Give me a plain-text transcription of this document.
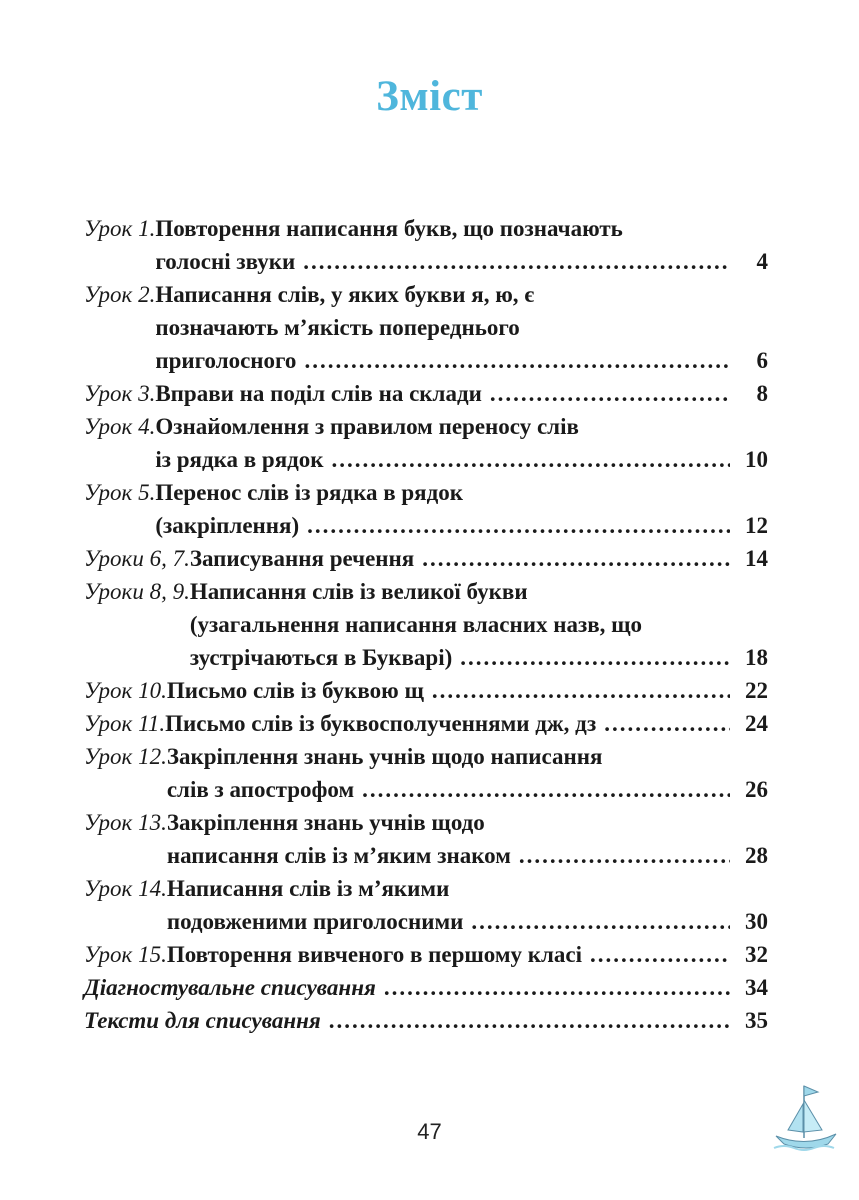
Зміст
Урок 1. Повторення написання букв, що позначають
голосні звуки .....	4
Урок 2. Написання слів, у яких букви я, ю, є
позначають м’якість попереднього
приголосного .....	6
Урок 3. Вправи на поділ слів на склади .....	8
Урок 4. Ознайомлення з правилом переносу слів
із рядка в рядок .....	10
Урок 5. Перенос слів із рядка в рядок
(закріплення) .....	12
Уроки 6, 7. Записування речення .....	14
Уроки 8, 9. Написання слів із великої букви
(узагальнення написання власних назв, що
зустрічаються в Букварі) .....	18
Урок 10. Письмо слів із буквою щ .....	22
Урок 11. Письмо слів із буквосполученнями дж, дз .....	24
Урок 12. Закріплення знань учнів щодо написання
слів з апострофом .....	26
Урок 13. Закріплення знань учнів щодо
написання слів із м’яким знаком .....	28
Урок 14. Написання слів із м’якими
подовженими приголосними .....	30
Урок 15. Повторення вивченого в першому класі .....	32
Діагностувальне списування .....	34
Тексти для списування .....	35
47
